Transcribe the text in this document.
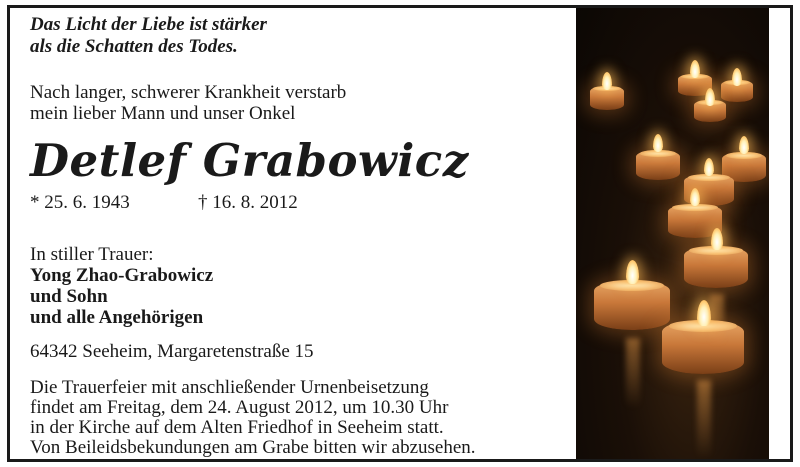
Das Licht der Liebe ist stärker
als die Schatten des Todes.

Nach langer, schwerer Krankheit verstarb
mein lieber Mann und unser Onkel

Detlef Grabowicz

* 25. 6. 1943	† 16. 8. 2012

In stiller Trauer:

Yong Zhao-Grabowicz

und Sohn

und alle Angehörigen

64342 Seeheim, Margaretenstraße 15

Die Trauerfeier mit anschließender Urnenbeisetzung
findet am Freitag, dem 24. August 2012, um 10.30 Uhr
in der Kirche auf dem Alten Friedhof in Seeheim statt.
Von Beileidsbekundungen am Grabe bitten wir abzusehen.
